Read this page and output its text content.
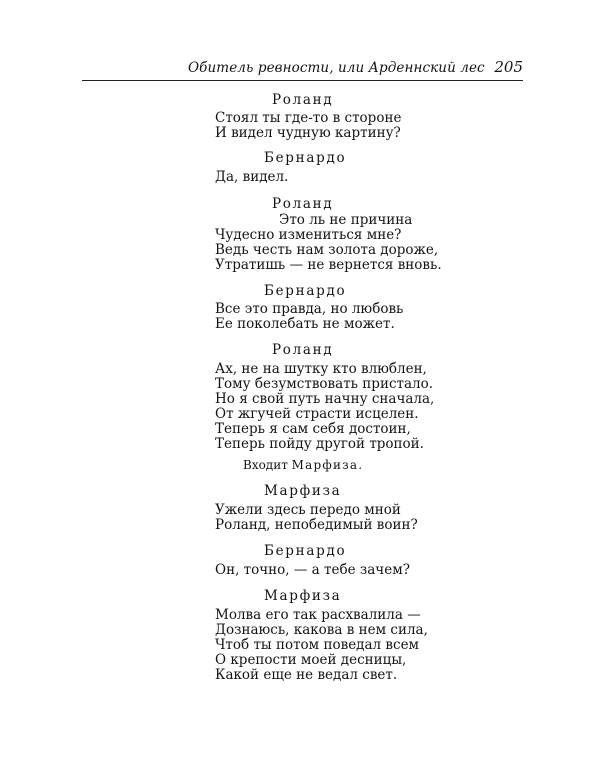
Обитель ревности, или Арденнский лес 205
Роланд
Стоял ты где-то в стороне
И видел чудную картину?
Бернардо
Да, видел.
Роланд
Это ль не причина
Чудесно измениться мне?
Ведь честь нам золота дороже,
Утратишь — не вернется вновь.
Бернардо
Все это правда, но любовь
Ее поколебать не может.
Роланд
Ах, не на шутку кто влюблен,
Тому безумствовать пристало.
Но я свой путь начну сначала,
От жгучей страсти исцелен.
Теперь я сам себя достоин,
Теперь пойду другой тропой.
Входит Марфиза.
Марфиза
Ужели здесь передо мной
Роланд, непобедимый воин?
Бернардо
Он, точно, — а тебе зачем?
Марфиза
Молва его так расхвалила —
Дознаюсь, какова в нем сила,
Чтоб ты потом поведал всем
О крепости моей десницы,
Какой еще не ведал свет.
